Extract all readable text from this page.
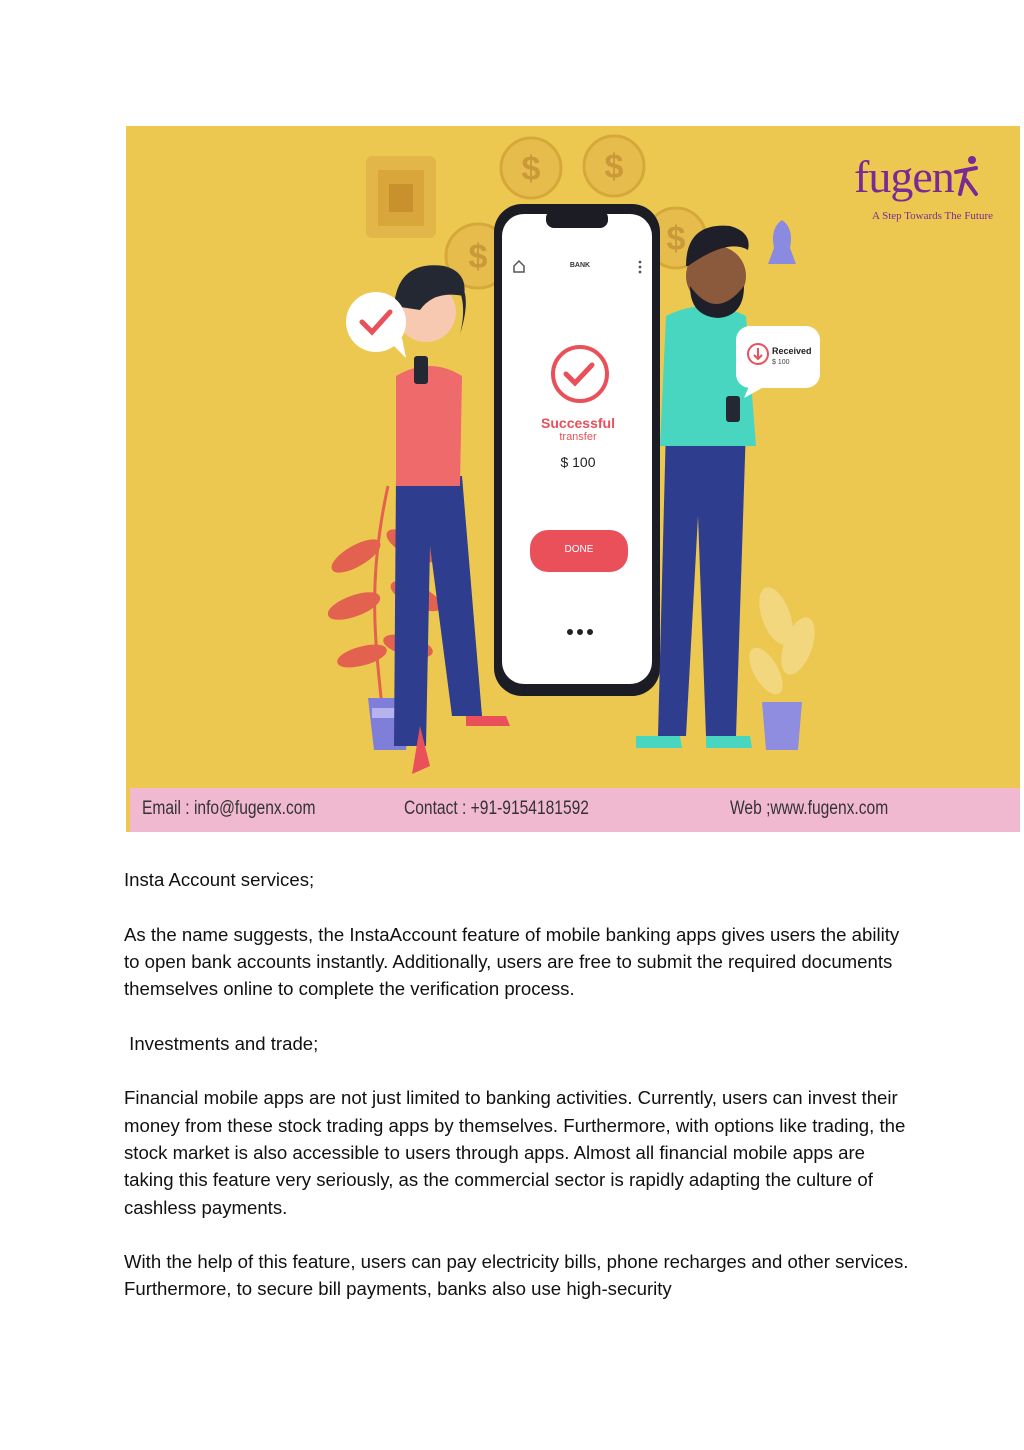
$ $
$	$
Successful
transfer
$ 100
BANK
DONE
Received
$ 100
fugen
A Step Towards The Future
Email : info@fugenx.com	Contact : +91-9154181592	Web ;www.fugenx.com

Insta Account services;

As the name suggests, the InstaAccount feature of mobile banking apps gives users the ability to open bank accounts instantly. Additionally, users are free to submit the required documents themselves online to complete the verification process.

Investments and trade;

Financial mobile apps are not just limited to banking activities. Currently, users can invest their money from these stock trading apps by themselves. Furthermore, with options like trading, the stock market is also accessible to users through apps. Almost all financial mobile apps are taking this feature very seriously, as the commercial sector is rapidly adapting the culture of cashless payments.

With the help of this feature, users can pay electricity bills, phone recharges and other services. Furthermore, to secure bill payments, banks also use high-security
